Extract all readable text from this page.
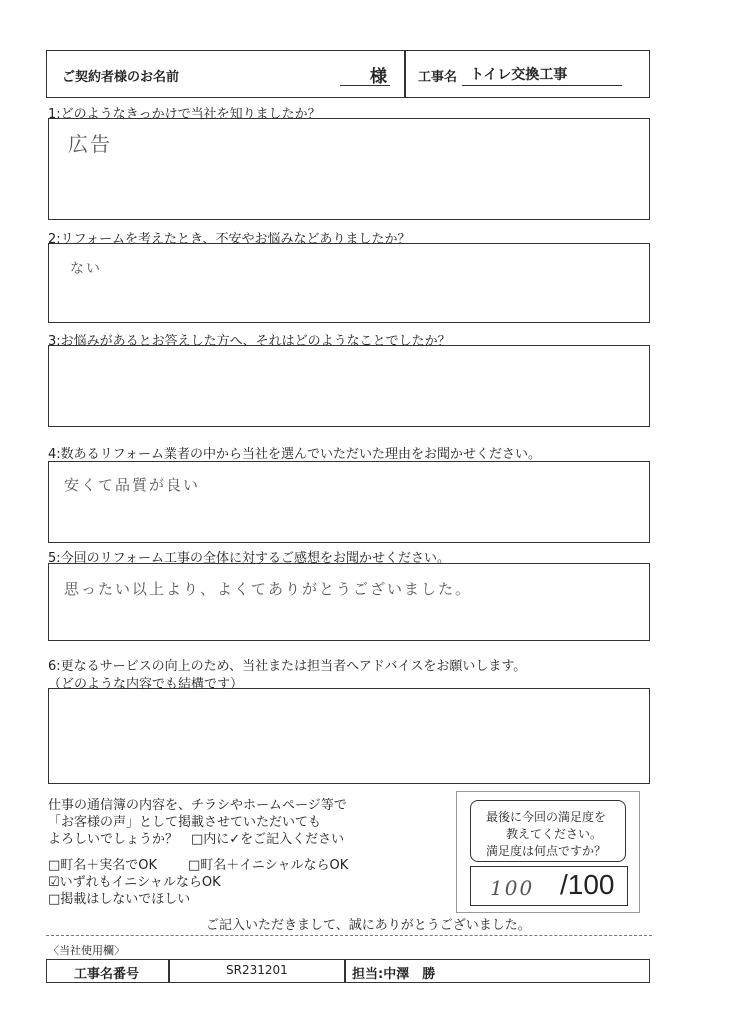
ご契約者様のお名前	様 工事名 トイレ交換工事
1:どのようなきっかけで当社を知りましたか？
広告
2:リフォームを考えたとき、不安やお悩みなどありましたか？
ない
3:お悩みがあるとお答えした方へ、それはどのようなことでしたか？
4:数あるリフォーム業者の中から当社を選んでいただいた理由をお聞かせください。
安くて品質が良い
5:今回のリフォーム工事の全体に対するご感想をお聞かせください。
思ったい以上より、よくてありがとうございました。
6:更なるサービスの向上のため、当社または担当者へアドバイスをお願いします。
（どのような内容でも結構です）
仕事の通信簿の内容を、チラシやホームページ等で
「お客様の声」として掲載させていただいても
よろしいでしょうか？　□内に✓をご記入ください
□町名＋実名でOK □町名＋イニシャルならOK
☑いずれもイニシャルならOK
□掲載はしないでほしい
最後に今回の満足度を
教えてください。
満足度は何点ですか？
100 /100
ご記入いただきまして、誠にありがとうございました。
〈当社使用欄〉
工事名番号	SR231201	担当:中澤　勝
